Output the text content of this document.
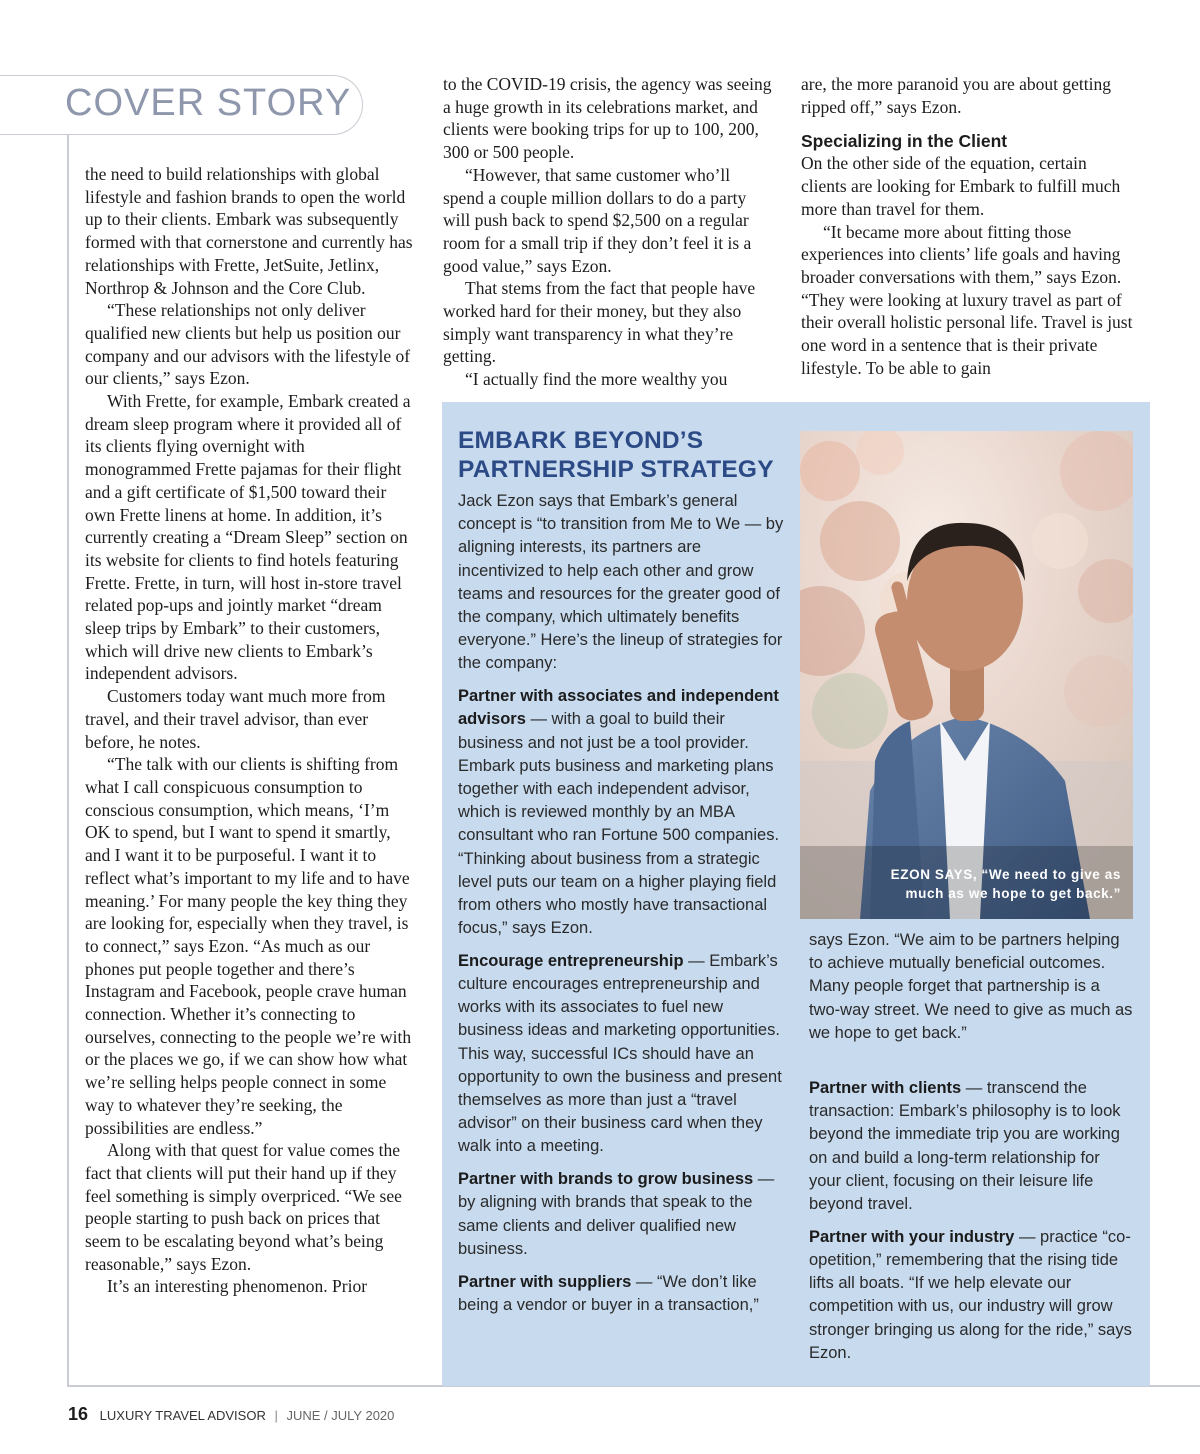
COVER STORY

the need to build relationships with global lifestyle and fashion brands to open the world up to their clients. Embark was subsequently formed with that cornerstone and currently has relationships with Frette, JetSuite, Jetlinx, Northrop & Johnson and the Core Club.

“These relationships not only deliver qualified new clients but help us position our company and our advisors with the lifestyle of our clients,” says Ezon.

With Frette, for example, Embark created a dream sleep program where it provided all of its clients flying overnight with monogrammed Frette pajamas for their flight and a gift certificate of $1,500 toward their own Frette linens at home. In addition, it’s currently creating a “Dream Sleep” section on its website for clients to find hotels featuring Frette. Frette, in turn, will host in-store travel related pop-ups and jointly market “dream sleep trips by Embark” to their customers, which will drive new clients to Embark’s independent advisors.

Customers today want much more from travel, and their travel advisor, than ever before, he notes.

“The talk with our clients is shifting from what I call conspicuous consumption to conscious consumption, which means, ‘I’m OK to spend, but I want to spend it smartly, and I want it to be purposeful. I want it to reflect what’s important to my life and to have meaning.’ For many people the key thing they are looking for, especially when they travel, is to connect,” says Ezon. “As much as our phones put people together and there’s Instagram and Facebook, people crave human connection. Whether it’s connecting to ourselves, connecting to the people we’re with or the places we go, if we can show how what we’re selling helps people connect in some way to whatever they’re seeking, the possibilities are endless.”

Along with that quest for value comes the fact that clients will put their hand up if they feel something is simply overpriced. “We see people starting to push back on prices that seem to be escalating beyond what’s being reasonable,” says Ezon.

It’s an interesting phenomenon. Prior

to the COVID-19 crisis, the agency was seeing a huge growth in its celebrations market, and clients were booking trips for up to 100, 200, 300 or 500 people.

“However, that same customer who’ll spend a couple million dollars to do a party will push back to spend $2,500 on a regular room for a small trip if they don’t feel it is a good value,” says Ezon.

That stems from the fact that people have worked hard for their money, but they also simply want transparency in what they’re getting.

“I actually find the more wealthy you

are, the more paranoid you are about getting ripped off,” says Ezon.

Specializing in the Client

On the other side of the equation, certain clients are looking for Embark to fulfill much more than travel for them.

“It became more about fitting those experiences into clients’ life goals and having broader conversations with them,” says Ezon. “They were looking at luxury travel as part of their overall holistic personal life. Travel is just one word in a sentence that is their private lifestyle. To be able to gain

EMBARK BEYOND’S PARTNERSHIP STRATEGY

Jack Ezon says that Embark’s general concept is “to transition from Me to We — by aligning interests, its partners are incentivized to help each other and grow teams and resources for the greater good of the company, which ultimately benefits everyone.” Here’s the lineup of strategies for the company:

Partner with associates and independent advisors — with a goal to build their business and not just be a tool provider. Embark puts business and marketing plans together with each independent advisor, which is reviewed monthly by an MBA consultant who ran Fortune 500 companies. “Thinking about business from a strategic level puts our team on a higher playing field from others who mostly have transactional focus,” says Ezon.

Encourage entrepreneurship — Embark’s culture encourages entrepreneurship and works with its associates to fuel new business ideas and marketing opportunities. This way, successful ICs should have an opportunity to own the business and present themselves as more than just a “travel advisor” on their business card when they walk into a meeting.

Partner with brands to grow business — by aligning with brands that speak to the same clients and deliver qualified new business.

Partner with suppliers — “We don’t like being a vendor or buyer in a transaction,”

EZON SAYS, “We need to give as much as we hope to get back.”

says Ezon. “We aim to be partners helping to achieve mutually beneficial outcomes. Many people forget that partnership is a two-way street. We need to give as much as we hope to get back.”

Partner with clients — transcend the transaction: Embark’s philosophy is to look beyond the immediate trip you are working on and build a long-term relationship for your client, focusing on their leisure life beyond travel.

Partner with your industry — practice “co-opetition,” remembering that the rising tide lifts all boats. “If we help elevate our competition with us, our industry will grow stronger bringing us along for the ride,” says Ezon.

16 LUXURY TRAVEL ADVISOR | JUNE / JULY 2020
